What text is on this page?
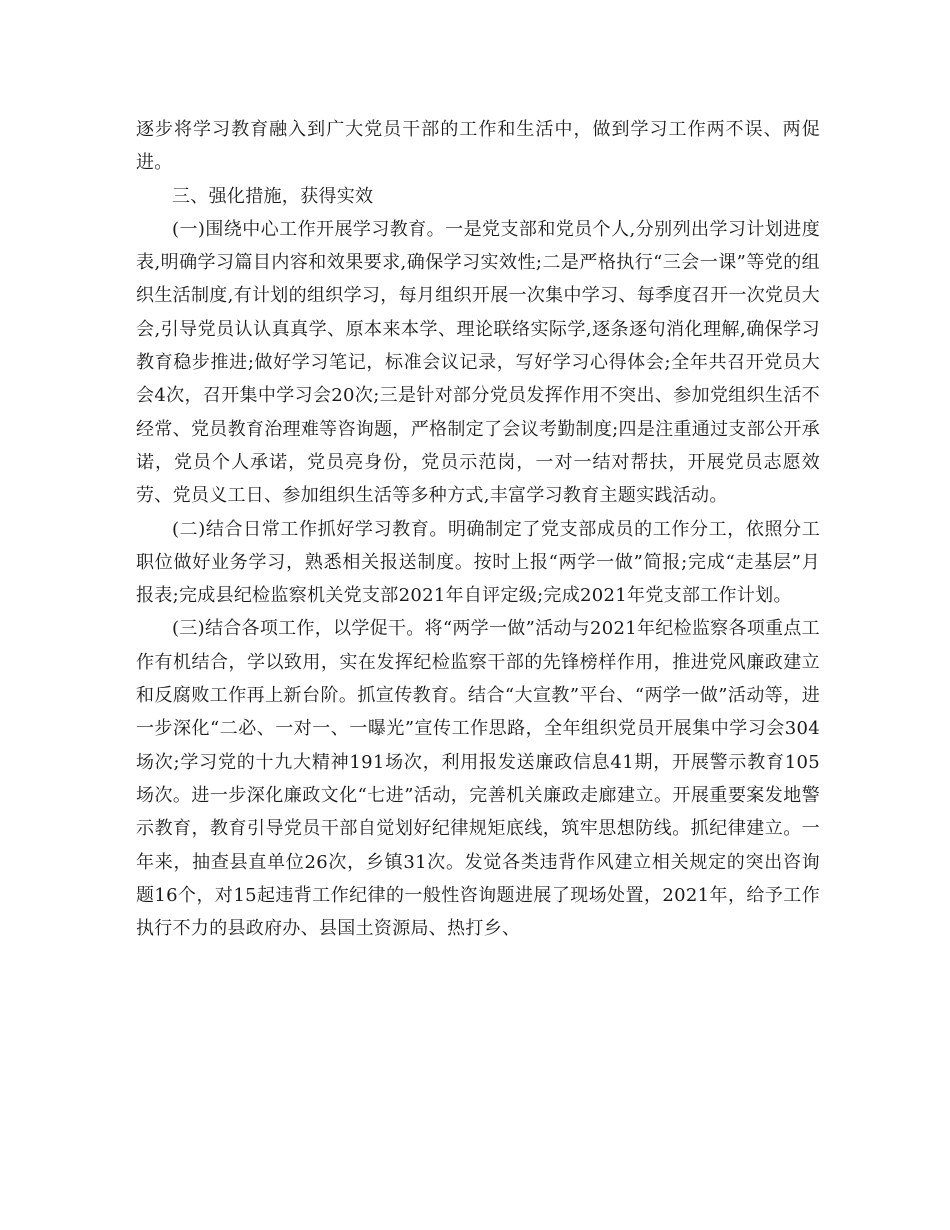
逐步将学习教育融入到广大党员干部的工作和生活中，做到学习工作两不误、两促进。

三、强化措施，获得实效

(一)围绕中心工作开展学习教育。一是党支部和党员个人,分别列出学习计划进度表,明确学习篇目内容和效果要求,确保学习实效性;二是严格执行“三会一课”等党的组织生活制度,有计划的组织学习，每月组织开展一次集中学习、每季度召开一次党员大会,引导党员认认真真学、原本来本学、理论联络实际学,逐条逐句消化理解,确保学习教育稳步推进;做好学习笔记，标准会议记录，写好学习心得体会;全年共召开党员大会4次，召开集中学习会20次;三是针对部分党员发挥作用不突出、参加党组织生活不经常、党员教育治理难等咨询题，严格制定了会议考勤制度;四是注重通过支部公开承诺，党员个人承诺，党员亮身份，党员示范岗，一对一结对帮扶，开展党员志愿效劳、党员义工日、参加组织生活等多种方式,丰富学习教育主题实践活动。

(二)结合日常工作抓好学习教育。明确制定了党支部成员的工作分工，依照分工职位做好业务学习，熟悉相关报送制度。按时上报“两学一做”简报;完成“走基层”月报表;完成县纪检监察机关党支部2021年自评定级;完成2021年党支部工作计划。

(三)结合各项工作，以学促干。将“两学一做”活动与2021年纪检监察各项重点工作有机结合，学以致用，实在发挥纪检监察干部的先锋榜样作用，推进党风廉政建立和反腐败工作再上新台阶。抓宣传教育。结合“大宣教”平台、“两学一做”活动等，进一步深化“二必、一对一、一曝光”宣传工作思路，全年组织党员开展集中学习会304场次;学习党的十九大精神191场次，利用报发送廉政信息41期，开展警示教育105场次。进一步深化廉政文化“七进”活动，完善机关廉政走廊建立。开展重要案发地警示教育，教育引导党员干部自觉划好纪律规矩底线，筑牢思想防线。抓纪律建立。一年来，抽查县直单位26次，乡镇31次。发觉各类违背作风建立相关规定的突出咨询题16个，对15起违背工作纪律的一般性咨询题进展了现场处置，2021年，给予工作执行不力的县政府办、县国土资源局、热打乡、
